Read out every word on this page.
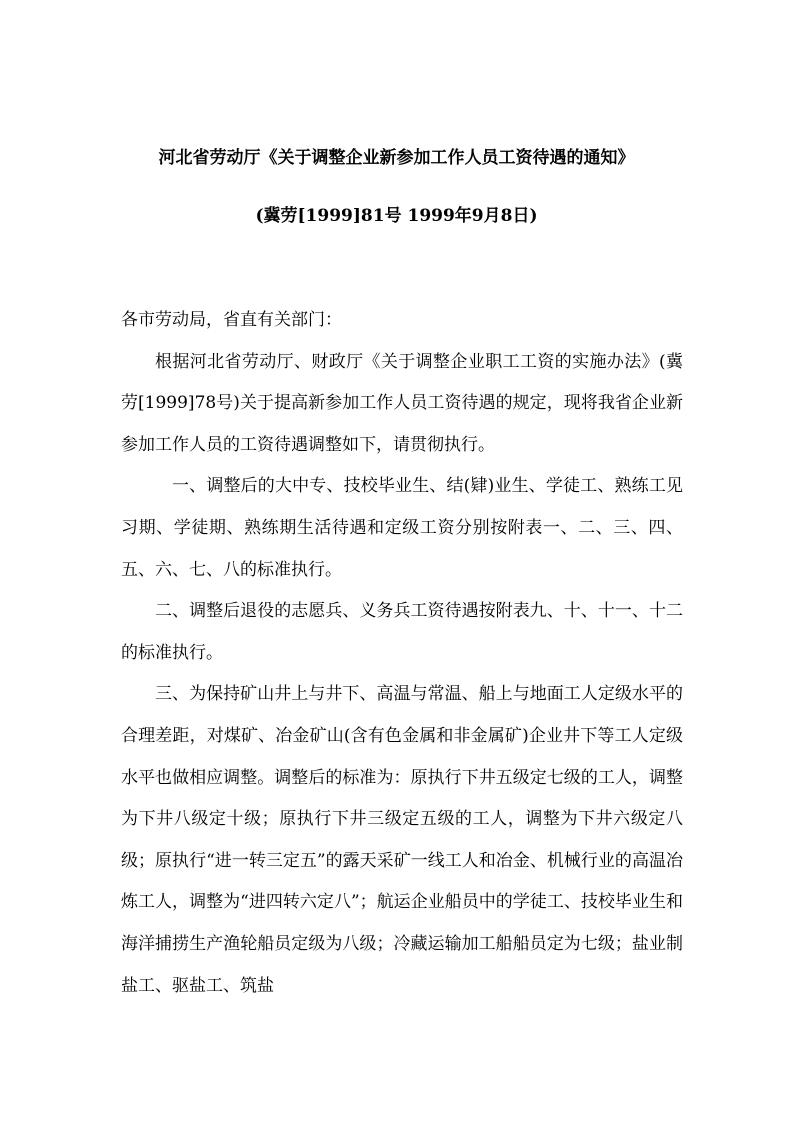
河北省劳动厅《关于调整企业新参加工作人员工资待遇的通知》
(冀劳[1999]81号 1999年9月8日)

各市劳动局，省直有关部门：

根据河北省劳动厅、财政厅《关于调整企业职工工资的实施办法》(冀劳[1999]78号)关于提高新参加工作人员工资待遇的规定，现将我省企业新参加工作人员的工资待遇调整如下，请贯彻执行。

一、调整后的大中专、技校毕业生、结(肄)业生、学徒工、熟练工见习期、学徒期、熟练期生活待遇和定级工资分别按附表一、二、三、四、五、六、七、八的标准执行。

二、调整后退役的志愿兵、义务兵工资待遇按附表九、十、十一、十二的标准执行。

三、为保持矿山井上与井下、高温与常温、船上与地面工人定级水平的合理差距，对煤矿、冶金矿山(含有色金属和非金属矿)企业井下等工人定级水平也做相应调整。调整后的标准为：原执行下井五级定七级的工人，调整为下井八级定十级；原执行下井三级定五级的工人，调整为下井六级定八级；原执行“进一转三定五”的露天采矿一线工人和冶金、机械行业的高温冶炼工人，调整为“进四转六定八”；航运企业船员中的学徒工、技校毕业生和海洋捕捞生产渔轮船员定级为八级；冷藏运输加工船船员定为七级；盐业制盐工、驱盐工、筑盐
